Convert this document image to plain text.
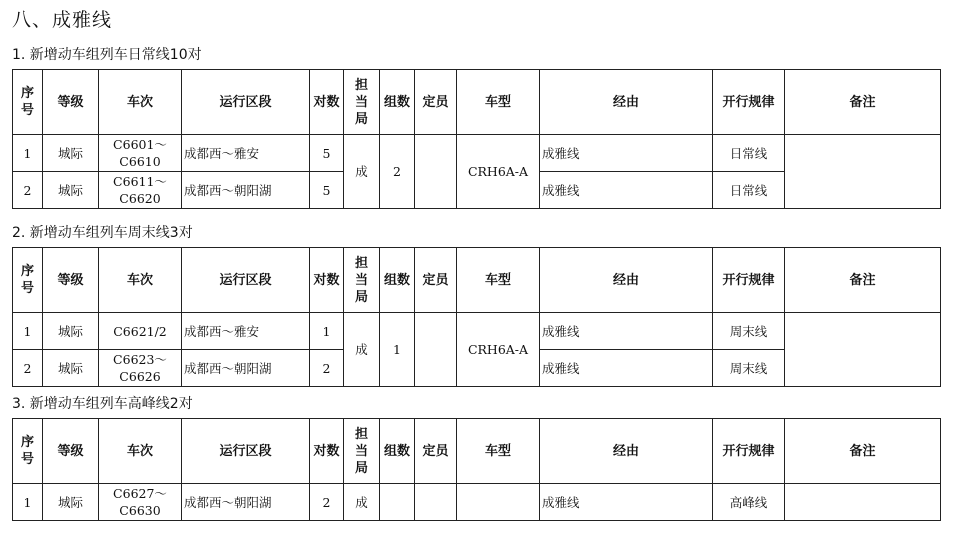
八、成雅线
1. 新增动车组列车日常线10对
序号	等级	车次	运行区段	对数	担当局	组数	定员	车型	经由	开行规律	备注
1	城际	C6601～C6610	成都西～雅安	5	成	2		CRH6A-A	成雅线	日常线	
2	城际	C6611～C6620	成都西～朝阳湖	5					成雅线	日常线	
2. 新增动车组列车周末线3对
序号	等级	车次	运行区段	对数	担当局	组数	定员	车型	经由	开行规律	备注
1	城际	C6621/2	成都西～雅安	1	成	1		CRH6A-A	成雅线	周末线	
2	城际	C6623～C6626	成都西～朝阳湖	2					成雅线	周末线	
3. 新增动车组列车高峰线2对
序号	等级	车次	运行区段	对数	担当局	组数	定员	车型	经由	开行规律	备注
1	城际	C6627～C6630	成都西～朝阳湖	2	成				成雅线	高峰线	
